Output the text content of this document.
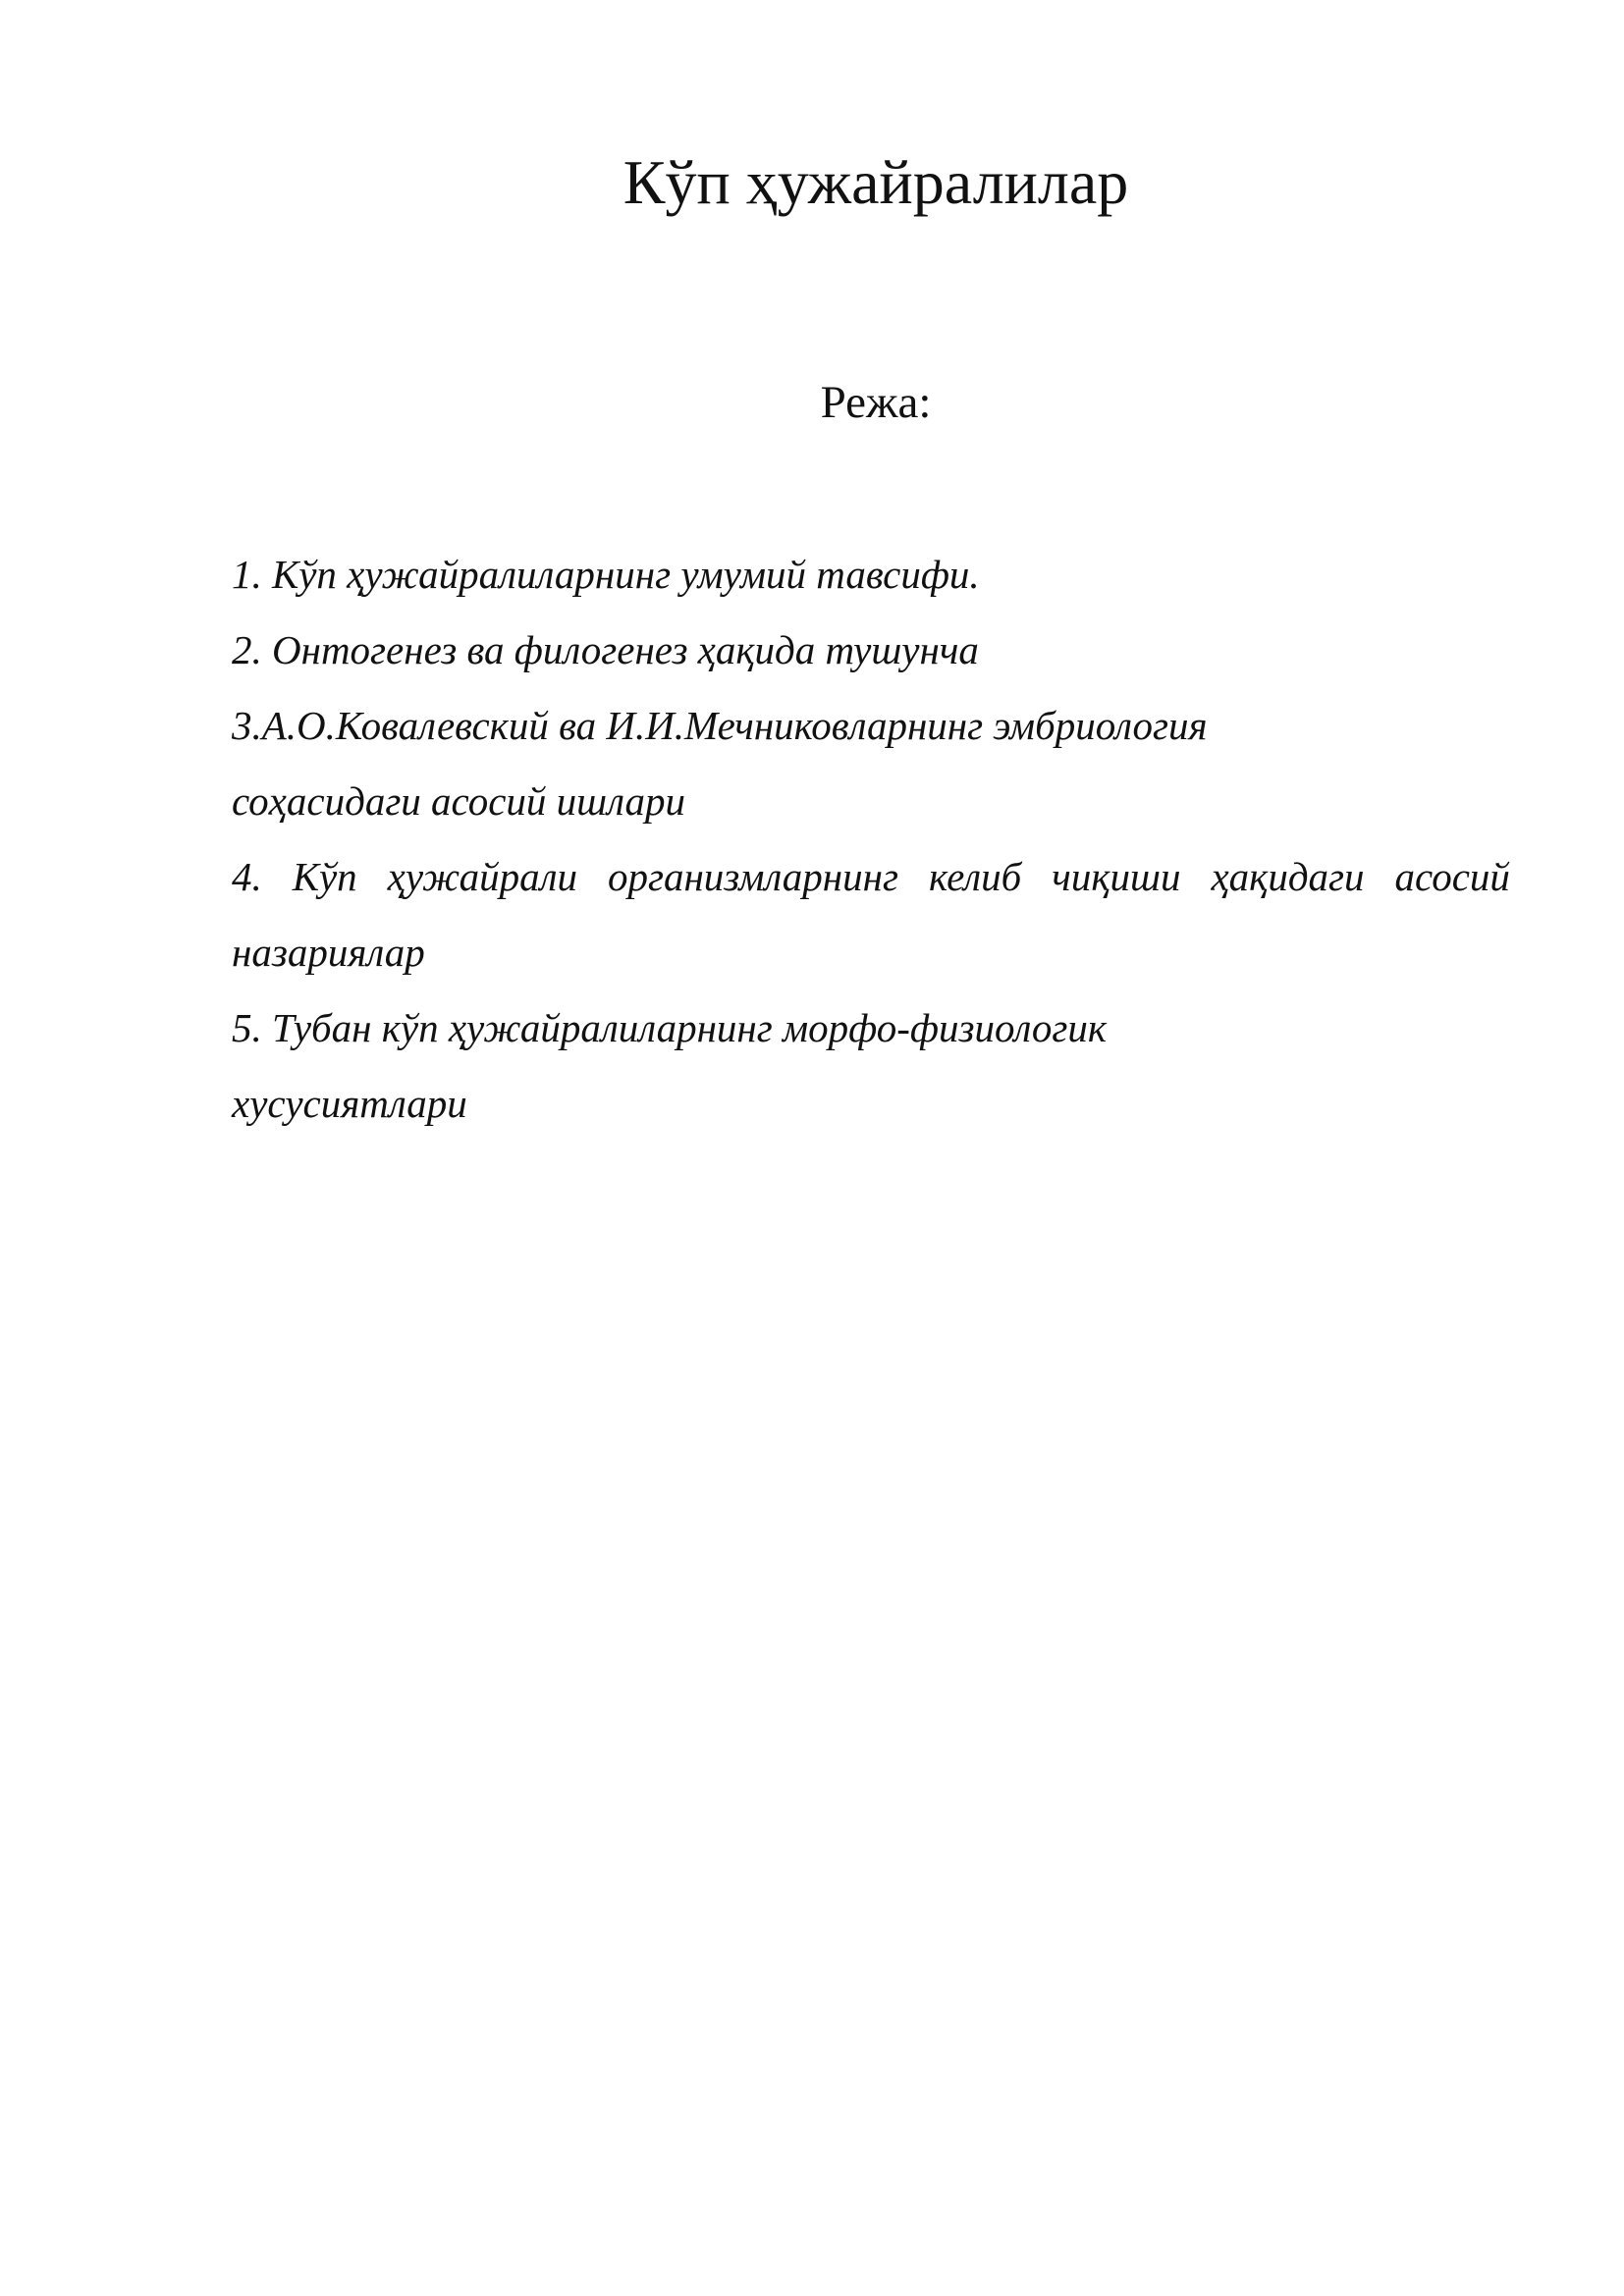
Кўп ҳужайралилар

Режа:

1. Кўп ҳужайралиларнинг умумий тавсифи.
2. Онтогенез ва филогенез ҳақида тушунча
3.А.О.Ковалевский ва И.И.Мечниковларнинг эмбриология
соҳасидаги асосий ишлари
4. Кўп ҳужайрали организмларнинг келиб чиқиши ҳақидаги асосий
назариялар
5. Тубан кўп ҳужайралиларнинг морфо-физиологик
хусусиятлари
